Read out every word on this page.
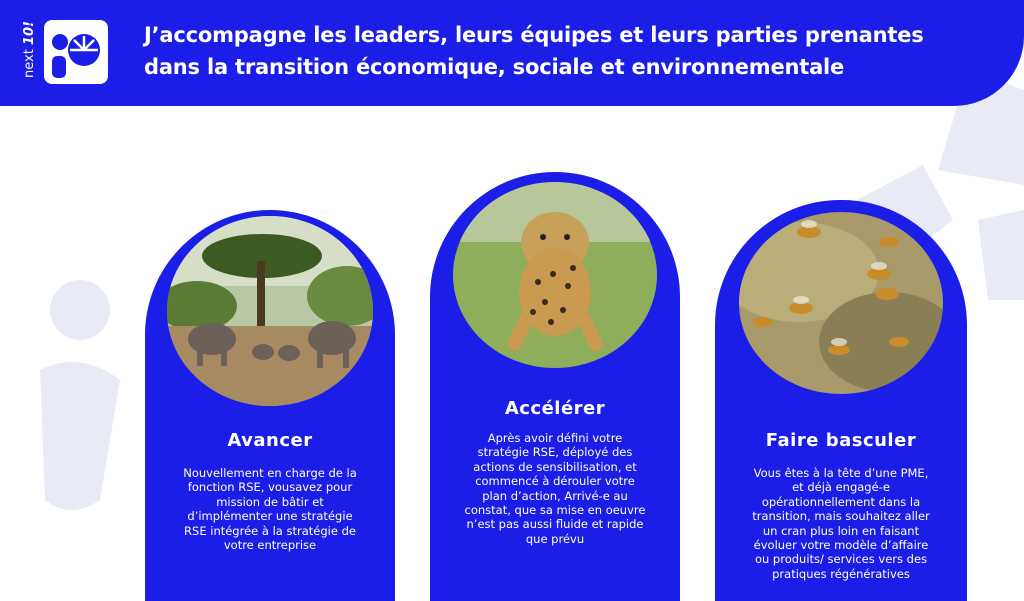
next 10!	J’accompagne les leaders, leurs équipes et leurs parties prenantes
dans la transition économique, sociale et environnementale

Avancer

Nouvellement en charge de la
fonction RSE, vousavez pour
mission de bâtir et
d’implémenter une stratégie
RSE intégrée à la stratégie de
votre entreprise

Accélérer

Après avoir défini votre
stratégie RSE, déployé des
actions de sensibilisation, et
commencé à dérouler votre
plan d’action, Arrivé-e au
constat, que sa mise en oeuvre
n’est pas aussi fluide et rapide
que prévu

Faire basculer

Vous êtes à la tête d’une PME,
et déjà engagé-e
opérationnellement dans la
transition, mais souhaitez aller
un cran plus loin en faisant
évoluer votre modèle d’affaire
ou produits/ services vers des
pratiques régénératives
